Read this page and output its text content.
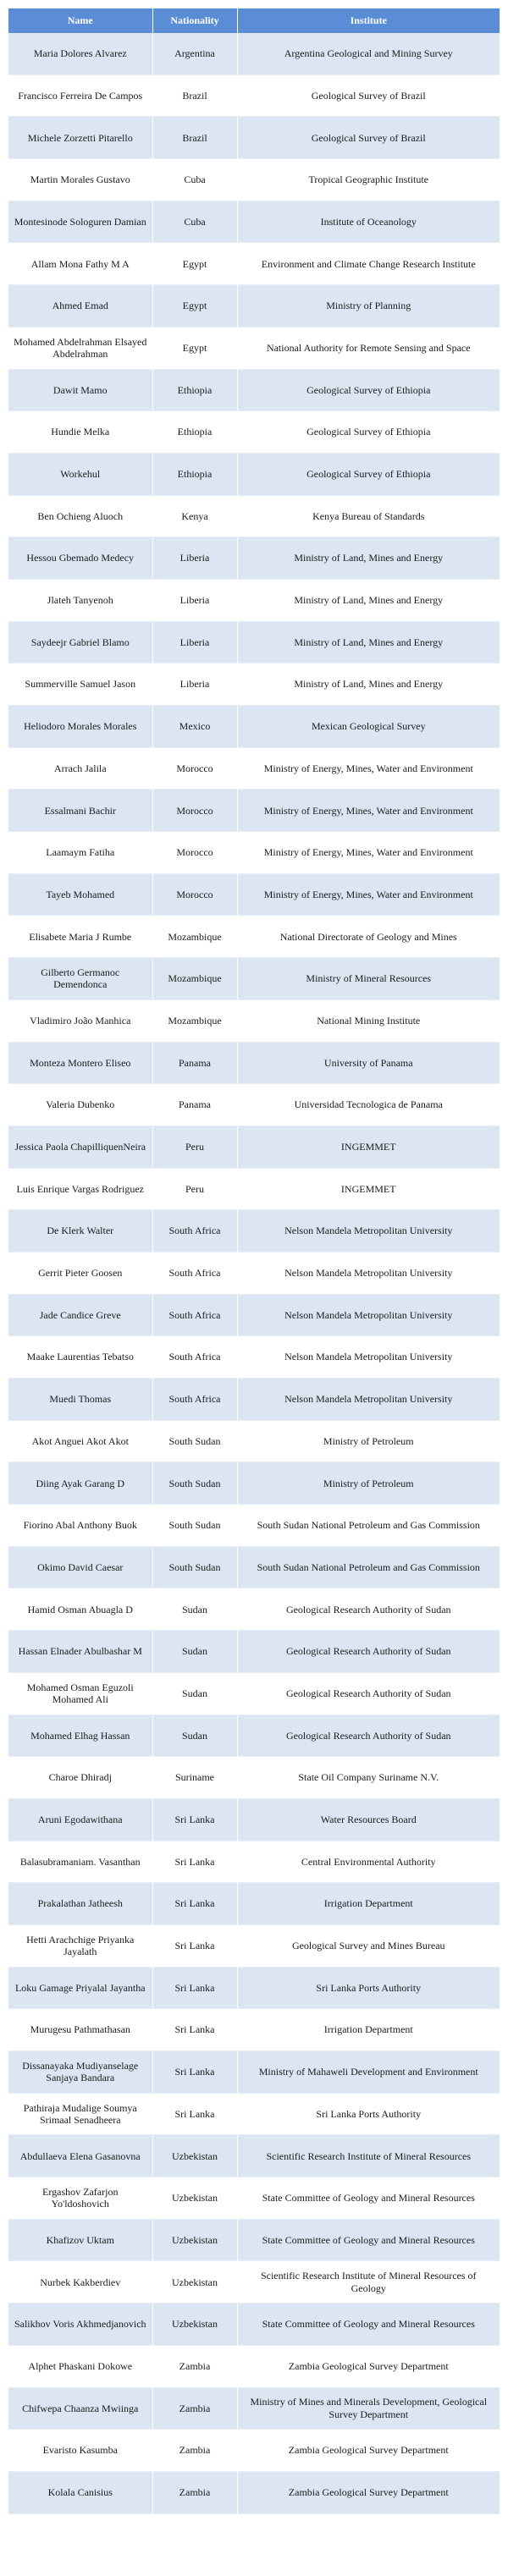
Name	Nationality	Institute
Maria Dolores Alvarez	Argentina	Argentina Geological and Mining Survey
Francisco Ferreira De Campos	Brazil	Geological Survey of Brazil
Michele Zorzetti Pitarello	Brazil	Geological Survey of Brazil
Martin Morales Gustavo	Cuba	Tropical Geographic Institute
Montesinode Sologuren Damian	Cuba	Institute of Oceanology
Allam Mona Fathy M A	Egypt	Environment and Climate Change Research Institute
Ahmed Emad	Egypt	Ministry of Planning
Mohamed Abdelrahman Elsayed Abdelrahman	Egypt	National Authority for Remote Sensing and Space
Dawit Mamo	Ethiopia	Geological Survey of Ethiopia
Hundie Melka	Ethiopia	Geological Survey of Ethiopia
Workehul	Ethiopia	Geological Survey of Ethiopia
Ben Ochieng Aluoch	Kenya	Kenya Bureau of Standards
Hessou Gbemado Medecy	Liberia	Ministry of Land, Mines and Energy
Jlateh Tanyenoh	Liberia	Ministry of Land, Mines and Energy
Saydeejr Gabriel Blamo	Liberia	Ministry of Land, Mines and Energy
Summerville Samuel Jason	Liberia	Ministry of Land, Mines and Energy
Heliodoro Morales Morales	Mexico	Mexican Geological Survey
Arrach Jalila	Morocco	Ministry of Energy, Mines, Water and Environment
Essalmani Bachir	Morocco	Ministry of Energy, Mines, Water and Environment
Laamaym Fatiha	Morocco	Ministry of Energy, Mines, Water and Environment
Tayeb Mohamed	Morocco	Ministry of Energy, Mines, Water and Environment
Elisabete Maria J Rumbe	Mozambique	National Directorate of Geology and Mines
Gilberto Germanoc Demendonca	Mozambique	Ministry of Mineral Resources
Vladimiro João Manhica	Mozambique	National Mining Institute
Monteza Montero Eliseo	Panama	University of Panama
Valeria Dubenko	Panama	Universidad Tecnologica de Panama
Jessica Paola ChapilliquenNeira	Peru	INGEMMET
Luis Enrique Vargas Rodriguez	Peru	INGEMMET
De Klerk Walter	South Africa	Nelson Mandela Metropolitan University
Gerrit Pieter Goosen	South Africa	Nelson Mandela Metropolitan University
Jade Candice Greve	South Africa	Nelson Mandela Metropolitan University
Maake Laurentias Tebatso	South Africa	Nelson Mandela Metropolitan University
Muedi Thomas	South Africa	Nelson Mandela Metropolitan University
Akot Anguei Akot Akot	South Sudan	Ministry of Petroleum
Diing Ayak Garang D	South Sudan	Ministry of Petroleum
Fiorino Abal Anthony Buok	South Sudan	South Sudan National Petroleum and Gas Commission
Okimo David Caesar	South Sudan	South Sudan National Petroleum and Gas Commission
Hamid Osman Abuagla D	Sudan	Geological Research Authority of Sudan
Hassan Elnader Abulbashar M	Sudan	Geological Research Authority of Sudan
Mohamed Osman Eguzoli Mohamed Ali	Sudan	Geological Research Authority of Sudan
Mohamed Elhag Hassan	Sudan	Geological Research Authority of Sudan
Charoe Dhiradj	Suriname	State Oil Company Suriname N.V.
Aruni Egodawithana	Sri Lanka	Water Resources Board
Balasubramaniam. Vasanthan	Sri Lanka	Central Environmental Authority
Prakalathan Jatheesh	Sri Lanka	Irrigation Department
Hetti Arachchige Priyanka Jayalath	Sri Lanka	Geological Survey and Mines Bureau
Loku Gamage Priyalal Jayantha	Sri Lanka	Sri Lanka Ports Authority
Murugesu Pathmathasan	Sri Lanka	Irrigation Department
Dissanayaka Mudiyanselage Sanjaya Bandara	Sri Lanka	Ministry of Mahaweli Development and Environment
Pathiraja Mudalige Soumya Srimaal Senadheera	Sri Lanka	Sri Lanka Ports Authority
Abdullaeva Elena Gasanovna	Uzbekistan	Scientific Research Institute of Mineral Resources
Ergashov Zafarjon Yo'ldoshovich	Uzbekistan	State Committee of Geology and Mineral Resources
Khafizov Uktam	Uzbekistan	State Committee of Geology and Mineral Resources
Nurbek Kakberdiev	Uzbekistan	Scientific Research Institute of Mineral Resources of Geology
Salikhov Voris Akhmedjanovich	Uzbekistan	State Committee of Geology and Mineral Resources
Alphet Phaskani Dokowe	Zambia	Zambia Geological Survey Department
Chifwepa Chaanza Mwiinga	Zambia	Ministry of Mines and Minerals Development, Geological Survey Department
Evaristo Kasumba	Zambia	Zambia Geological Survey Department
Kolala Canisius	Zambia	Zambia Geological Survey Department
